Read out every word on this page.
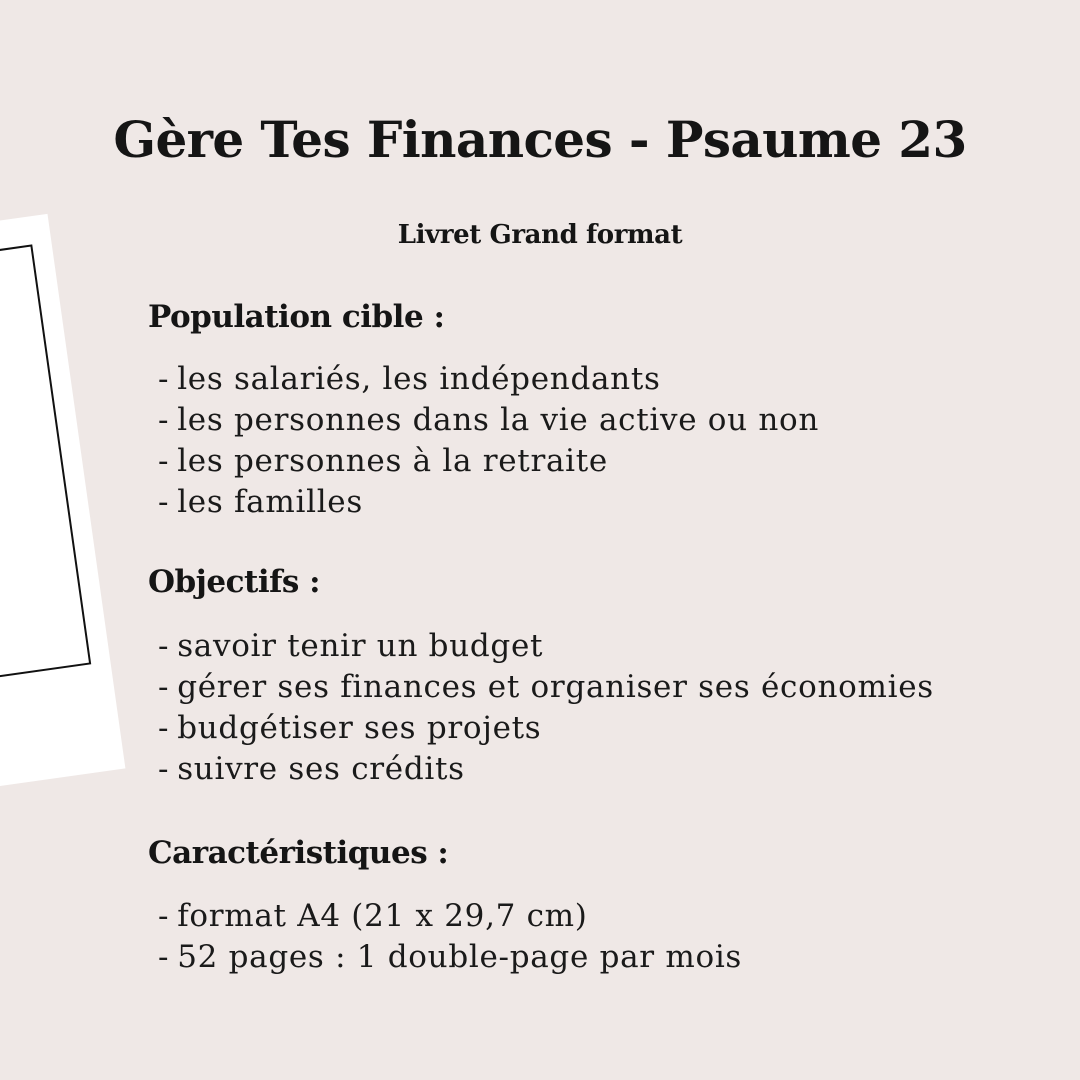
Gère Tes Finances - Psaume 23
Livret Grand format
Population cible :
- les salariés, les indépendants
- les personnes dans la vie active ou non
- les personnes à la retraite
- les familles
Objectifs :
- savoir tenir un budget
- gérer ses finances et organiser ses économies
- budgétiser ses projets
- suivre ses crédits
Caractéristiques :
- format A4 (21 x 29,7 cm)
- 52 pages : 1 double-page par mois
